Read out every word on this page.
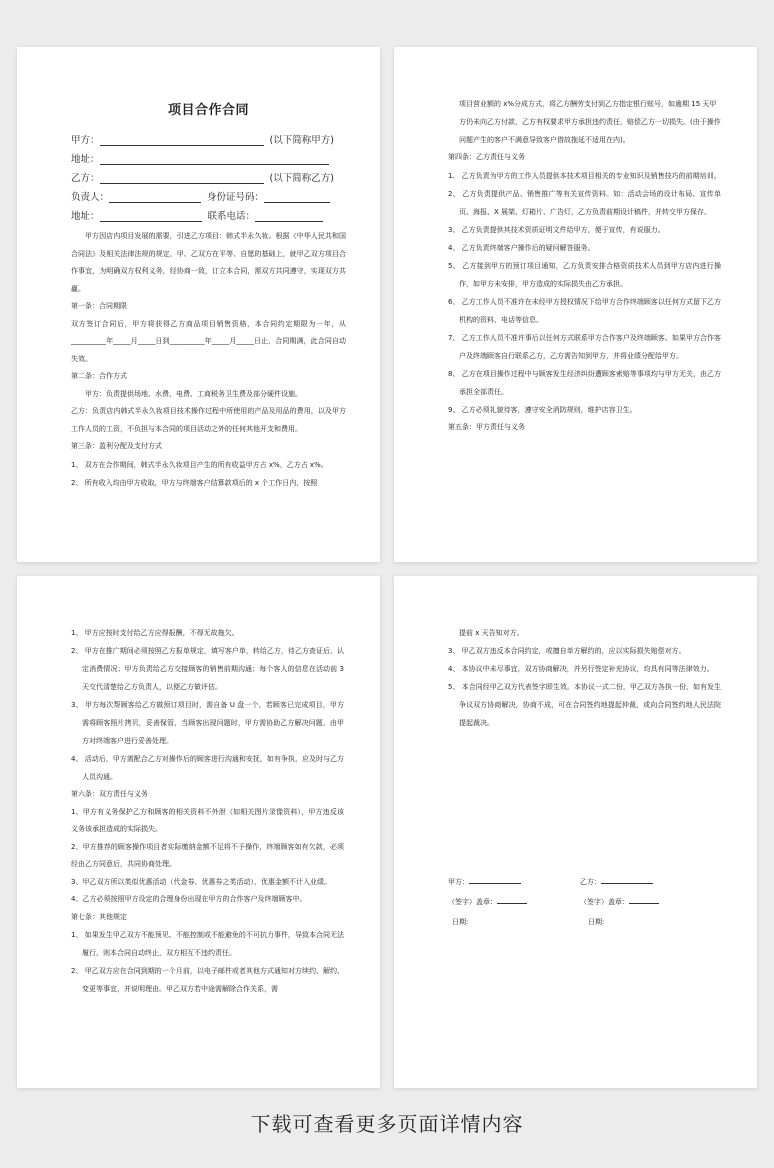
项目合作合同
甲方：	(以下简称甲方)
地址：
乙方：	(以下简称乙方)
负责人：	身份证号码：
地址：	联系电话：

甲方因店内项目发展的需要，引进乙方项目：韩式半永久妆。根据《中华人民共和国合同法》及相关法律法规的规定，甲、乙双方在平等、自愿的基础上，就甲乙双方项目合作事宜，为明确双方权利义务，经协商一致，订立本合同，需双方共同遵守，实现双方共赢。

第一条：合同期限

双方签订合同后，甲方将获得乙方商品项目销售资格，本合同约定期限为一年，从__________年_____月_____日到__________年_____月_____日止，合同期满，此合同自动失效。

第二条：合作方式

甲方：负责提供场地、水费、电费、工商税务卫生费及部分硬件设施。

乙方：负责店内韩式半永久妆项目技术操作过程中所使用的产品及用品的费用，以及甲方工作人员的工资，不负担与本合同的项目活动之外的任何其他开支和费用。

第三条：盈利分配及支付方式

1、 双方在合作期间，韩式半永久妆项目产生的所有收益甲方占 x%，乙方占 x%。

2、 所有收入均由甲方收取，甲方与终端客户结算款项后的 x 个工作日内，按照

项目营业额的 x%分成方式，将乙方酬劳支付到乙方指定银行账号，如逾期 15 天甲方仍未向乙方付款，乙方有权要求甲方承担违约责任，赔偿乙方一切损失。(由于操作问题产生的客户不满意导致客户借故拖延不适用在内)。

第四条：乙方责任与义务

1、 乙方负责为甲方的工作人员提供本技术项目相关的专业知识及销售技巧的前期培训。

2、 乙方负责提供产品、销售推广等有关宣传资料。如：活动会场的设计布局、宣传单页、海报、X 展架、灯箱片、广告灯，乙方负责前期设计稿件，并转交甲方保存。

3、 乙方负责提供其技术资质证明文件给甲方，便于宣传，有说服力。

4、 乙方负责终端客户操作后的疑问解答服务。

5、 乙方接到甲方的预订项目通知，乙方负责安排合格资质技术人员到甲方店内进行操作，如甲方未安排，甲方造成的实际损失由乙方承担。

6、 乙方工作人员不准许在未经甲方授权情况下给甲方合作终端顾客以任何方式留下乙方机构的资料、电话等信息。

7、 乙方工作人员不准许事后以任何方式联系甲方合作客户及终端顾客。如果甲方合作客户及终端顾客自行联系乙方，乙方需告知到甲方，并将业绩分配给甲方。

8、 乙方在项目操作过程中与顾客发生经济纠纷遭顾客索赔等事项均与甲方无关，由乙方承担全部责任。

9、 乙方必须礼貌待客，遵守安全消防规则，维护店容卫生。

第五条：甲方责任与义务

1、 甲方应按时支付给乙方应得报酬，不得无故拖欠。

2、 甲方在推广期间必须按照乙方报单规定，填写客户单，转给乙方，待乙方查证后，认定消费情况；甲方负责给乙方交接顾客的销售前期沟通；每个客人的信息在活动前 3 天交代清楚给乙方负责人，以便乙方做评估。

3、 甲方每次帮顾客给乙方做预订项目时，需自备 U 盘一个，若顾客已完成项目，甲方需将顾客照片拷贝，妥善保管，当顾客出现问题时，甲方需协助乙方解决问题，由甲方对终端客户进行妥善处理。

4、 活动后，甲方需配合乙方对操作后的顾客进行沟通和安抚，如有争执，应及时与乙方人员沟通。

第六条：双方责任与义务

1、甲方有义务保护乙方和顾客的相关资料不外泄（如相关图片录像资料），甲方违反该义务该承担造成的实际损失。

2、甲方推荐的顾客操作项目者实际缴纳金额不足将不予操作，终端顾客如有欠款，必须经由乙方同意后，共同协商处理。

3、甲乙双方所以类似优惠活动（代金券、优惠券之类活动），优惠金额不计入业绩。

4、乙方必须按照甲方设定的合理身份出现在甲方的合作客户及终端顾客中。

第七条：其他规定

1、 如果发生甲乙双方不能预见、不能控制或不能避免的不可抗力事件，导致本合同无法履行，则本合同自动终止，双方相互不违约责任。

2、 甲乙双方应在合同到期的一个月前，以电子邮件或者其他方式通知对方续约、解约、变更等事宜，并说明理由。甲乙双方若中途需解除合作关系，需

提前 x 天告知对方。

3、 甲乙双方违反本合同约定，或擅自单方解约的，应以实际损失赔偿对方。

4、 本协议中未尽事宜，双方协商解决，并另行签定补充协议，均具有同等法律效力。

5、 本合同经甲乙双方代表签字即生效。本协议一式二份，甲乙双方各执一份，如有发生争议双方协商解决，协商不成，可在合同签约地提起仲裁，或向合同签约地人民法院提起裁决。

甲方：	乙方：
（签字）盖章：	（签字）盖章：
日期:	日期:
下载可查看更多页面详情内容
